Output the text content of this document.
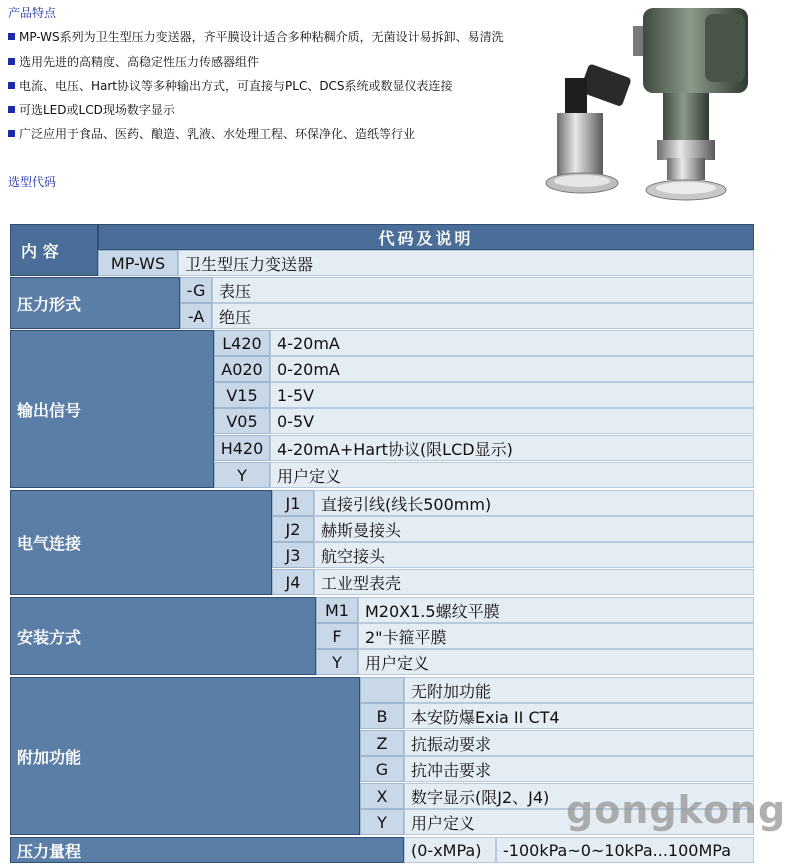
产品特点
MP-WS系列为卫生型压力变送器，齐平膜设计适合多种粘稠介质，无菌设计易拆卸、易清洗
选用先进的高精度、高稳定性压力传感器组件
电流、电压、Hart协议等多种输出方式，可直接与PLC、DCS系统或数显仪表连接
可选LED或LCD现场数字显示
广泛应用于食品、医药、酿造、乳液、水处理工程、环保净化、造纸等行业
选型代码
内 容
代码及说明
MP-WS	卫生型压力变送器
压力形式
-G 表压
-A 绝压
输出信号
L420 4-20mA
A020 0-20mA
V15	1-5V
V05	0-5V
H420 4-20mA+Hart协议(限LCD显示)
Y	用户定义
电气连接
J1	直接引线(线长500mm)
J2	赫斯曼接头
J3	航空接头
J4	工业型表壳
安装方式
M1	M20X1.5螺纹平膜
F	2"卡箍平膜
Y	用户定义
附加功能
无附加功能
B	本安防爆Exia II CT4
Z	抗振动要求
G	抗冲击要求
X	数字显示(限J2、J4)
Y	用户定义
压力量程	(0-xMPa)	-100kPa~0~10kPa...100MPa
gongkong
